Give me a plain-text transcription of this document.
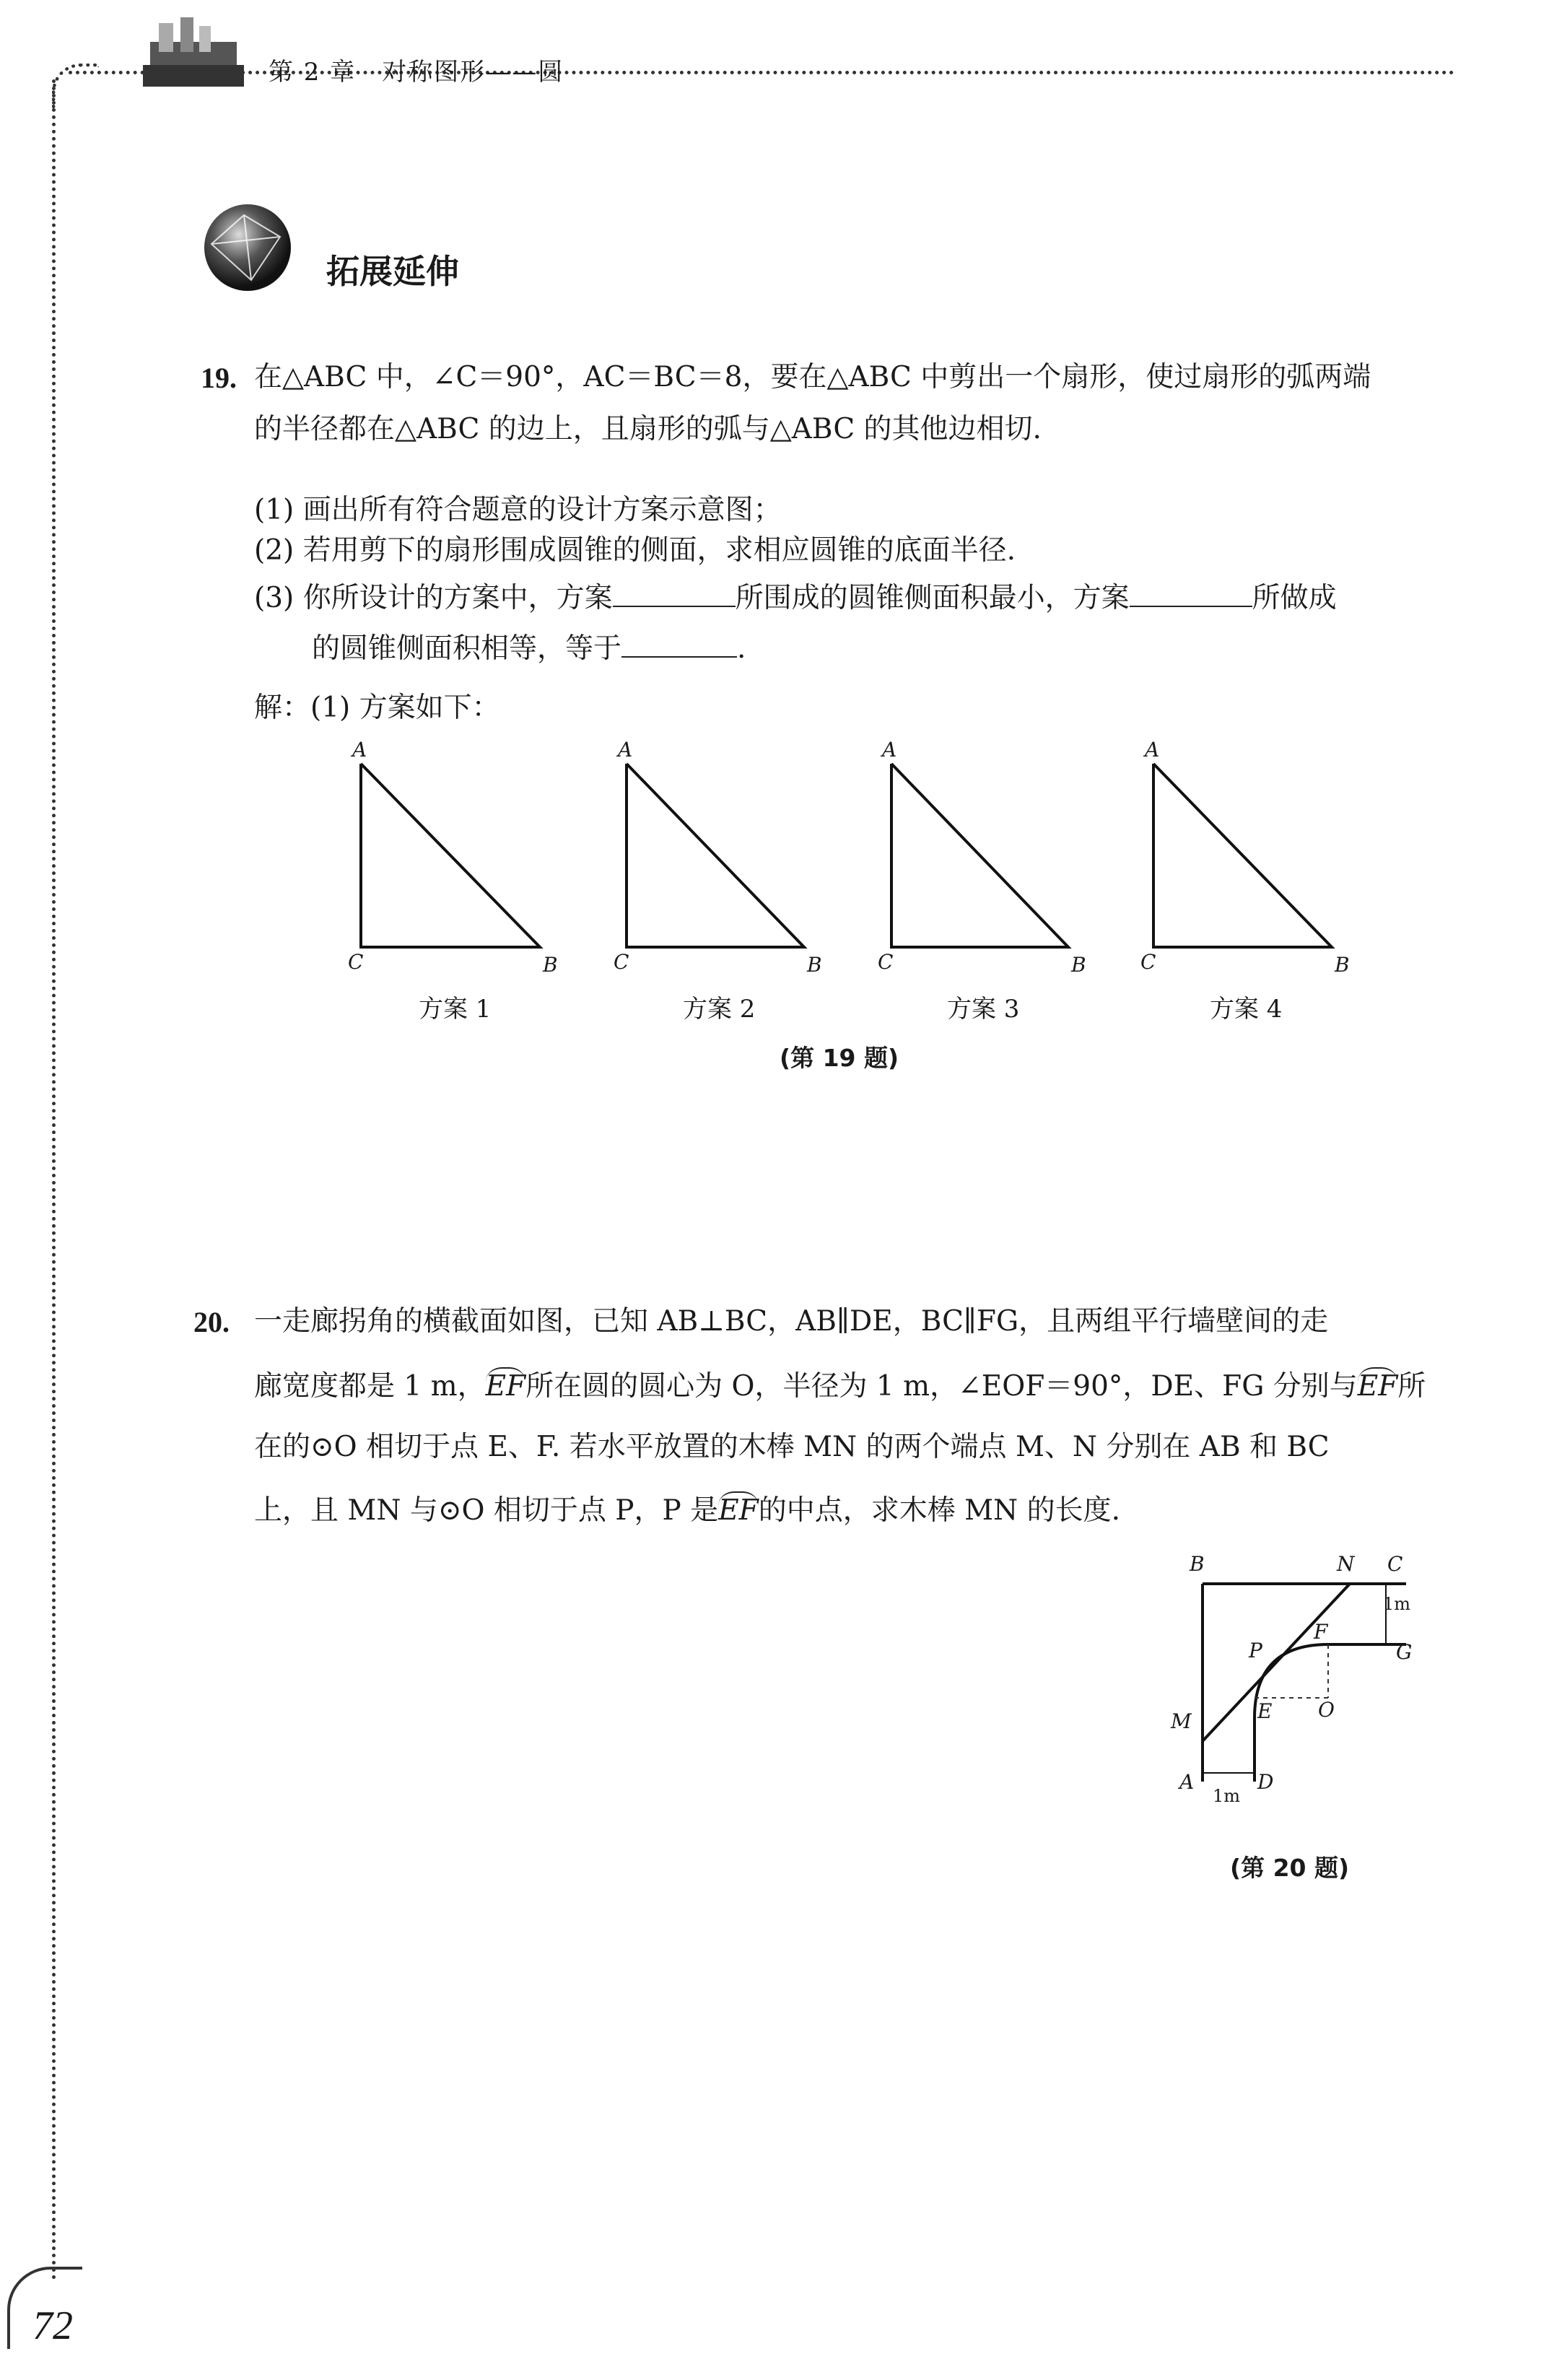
第 2 章　对称图形——圆
拓展延伸
19. 在△ABC 中，∠C＝90°，AC＝BC＝8，要在△ABC 中剪出一个扇形，使过扇形的弧两端
的半径都在△ABC 的边上，且扇形的弧与△ABC 的其他边相切.
(1) 画出所有符合题意的设计方案示意图；
(2) 若用剪下的扇形围成圆锥的侧面，求相应圆锥的底面半径.
(3) 你所设计的方案中，方案	所围成的圆锥侧面积最小，方案	所做成
的圆锥侧面积相等，等于	.
解：(1) 方案如下：
A
C	B
方案 1
A
C	B
方案 2
A
C	B
方案 3
A
C	B
方案 4
(第 19 题)
20. 一走廊拐角的横截面如图，已知 AB⊥BC，AB∥DE，BC∥FG，且两组平行墙壁间的走
廊宽度都是 1 m，EF所在圆的圆心为 O，半径为 1 m，∠EOF＝90°，DE、FG 分别与EF所
在的⊙O 相切于点 E、F. 若水平放置的木棒 MN 的两个端点 M、N 分别在 AB 和 BC
上，且 MN 与⊙O 相切于点 P，P 是EF的中点，求木棒 MN 的长度.
B	N C
1m
F
G
P
O
E
M
A	D
1m
(第 20 题)
72
